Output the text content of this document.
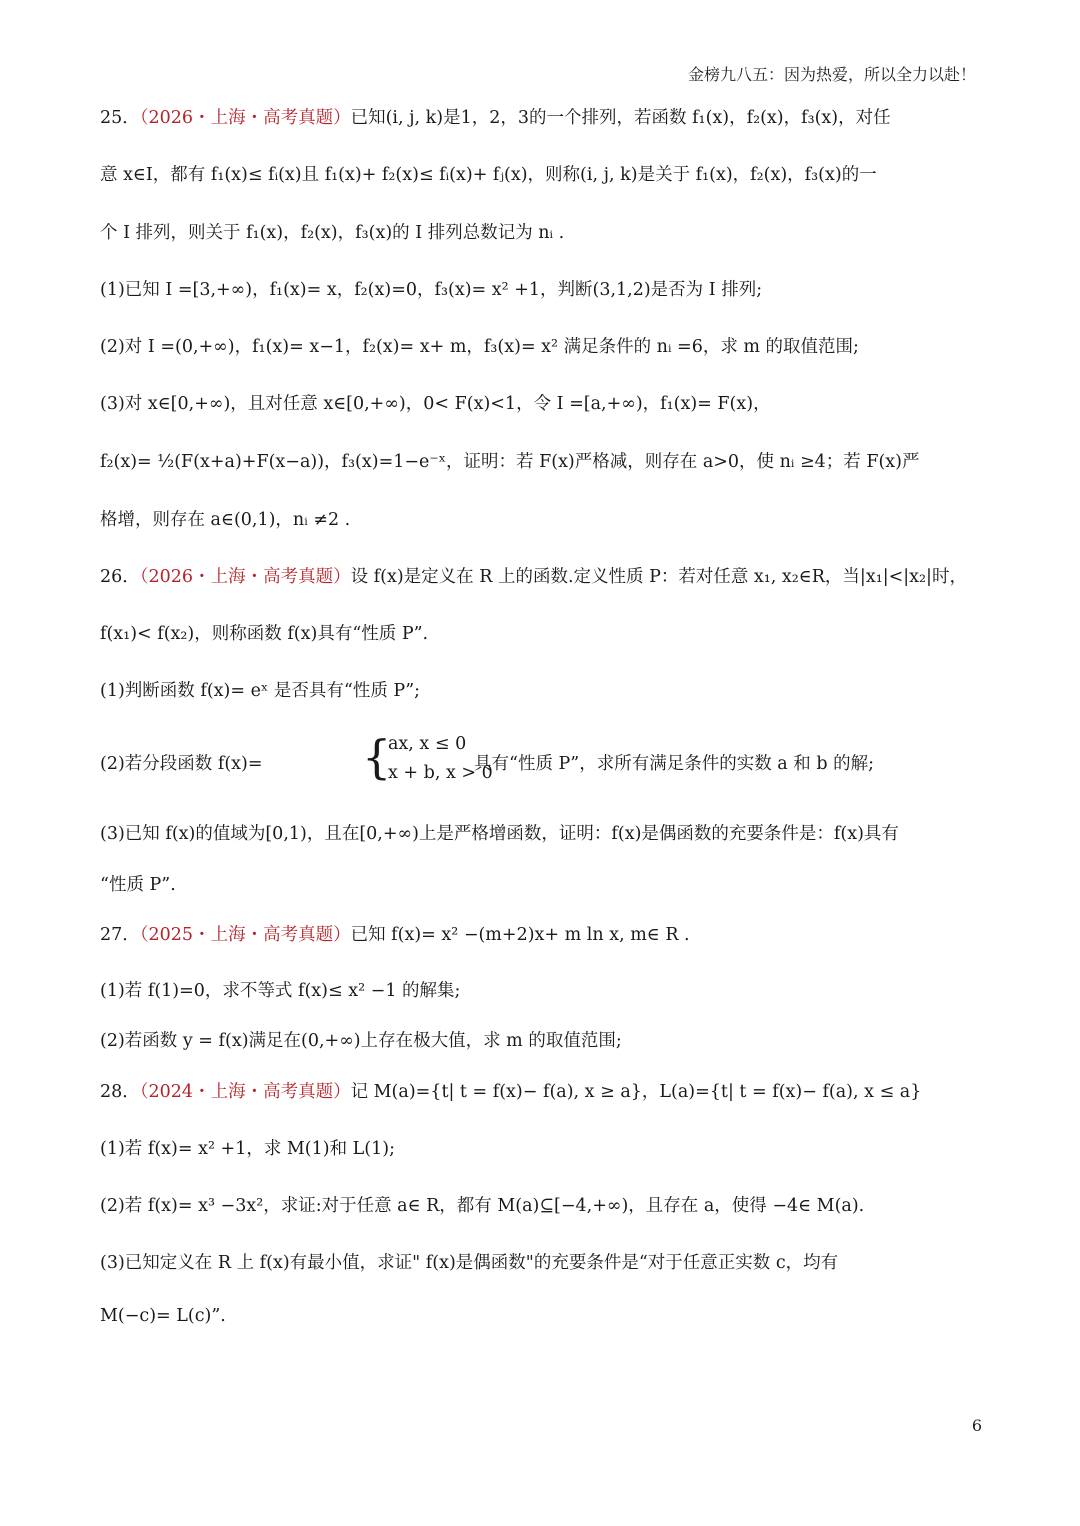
金榜九八五：因为热爱，所以全力以赴！
25．（2026・上海・高考真题）已知(i, j, k)是1，2，3的一个排列，若函数 f₁(x)，f₂(x)，f₃(x)，对任
意 x∈I，都有 f₁(x)≤ fᵢ(x)且 f₁(x)+ f₂(x)≤ fᵢ(x)+ fⱼ(x)，则称(i, j, k)是关于 f₁(x)，f₂(x)，f₃(x)的一
个 I 排列，则关于 f₁(x)，f₂(x)，f₃(x)的 I 排列总数记为 nᵢ .
(1)已知 I =[3,+∞)，f₁(x)= x，f₂(x)=0，f₃(x)= x² +1，判断(3,1,2)是否为 I 排列;
(2)对 I =(0,+∞)，f₁(x)= x−1，f₂(x)= x+ m，f₃(x)= x² 满足条件的 nᵢ =6，求 m 的取值范围;
(3)对 x∈[0,+∞)，且对任意 x∈[0,+∞)，0< F(x)<1，令 I =[a,+∞)，f₁(x)= F(x)，
f₂(x)= ½(F(x+a)+F(x−a))，f₃(x)=1−e⁻ˣ，证明：若 F(x)严格减，则存在 a>0，使 nᵢ ≥4；若 F(x)严
格增，则存在 a∈(0,1)，nᵢ ≠2 .
26．（2026・上海・高考真题）设 f(x)是定义在 R 上的函数.定义性质 P：若对任意 x₁, x₂∈R，当|x₁|<|x₂|时，
f(x₁)< f(x₂)，则称函数 f(x)具有“性质 P”.
(1)判断函数 f(x)= eˣ 是否具有“性质 P”;
(2)若分段函数 f(x)= {
ax, x ≤ 0
x + b, x > 0
具有“性质 P”，求所有满足条件的实数 a 和 b 的解;
(3)已知 f(x)的值域为[0,1)，且在[0,+∞)上是严格增函数，证明：f(x)是偶函数的充要条件是：f(x)具有
“性质 P”.
27．（2025・上海・高考真题）已知 f(x)= x² −(m+2)x+ m ln x, m∈ R .
(1)若 f(1)=0，求不等式 f(x)≤ x² −1 的解集;
(2)若函数 y = f(x)满足在(0,+∞)上存在极大值，求 m 的取值范围;
28．（2024・上海・高考真题）记 M(a)={t| t = f(x)− f(a), x ≥ a}，L(a)={t| t = f(x)− f(a), x ≤ a}
(1)若 f(x)= x² +1，求 M(1)和 L(1);
(2)若 f(x)= x³ −3x²，求证:对于任意 a∈ R，都有 M(a)⊆[−4,+∞)，且存在 a，使得 −4∈ M(a).
(3)已知定义在 R 上 f(x)有最小值，求证" f(x)是偶函数"的充要条件是“对于任意正实数 c，均有
M(−c)= L(c)”.
6
